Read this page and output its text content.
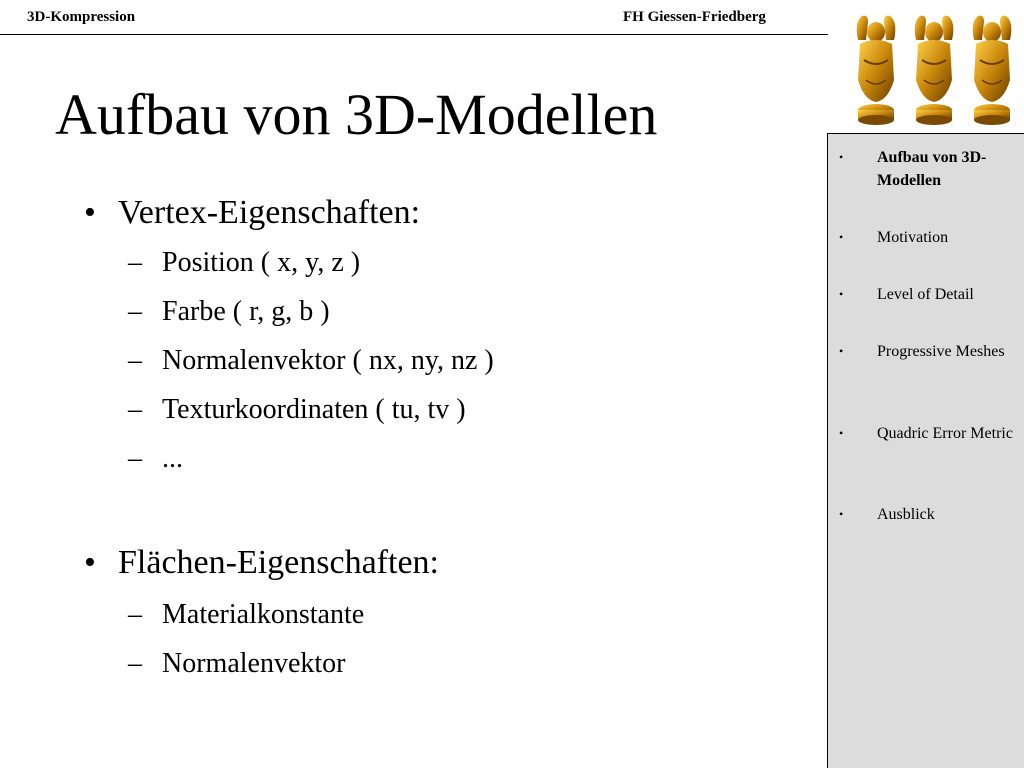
3D-Kompression	FH Giessen-Friedberg
Aufbau von 3D-Modellen
• Vertex-Eigenschaften:
– Position ( x, y, z )
– Farbe ( r, g, b )
– Normalenvektor ( nx, ny, nz )
– Texturkoordinaten ( tu, tv )
– ...
• Flächen-Eigenschaften:
– Materialkonstante
– Normalenvektor
• Aufbau von 3D-Modellen
• Motivation
• Level of Detail
• Progressive Meshes
• Quadric Error Metric
• Ausblick
